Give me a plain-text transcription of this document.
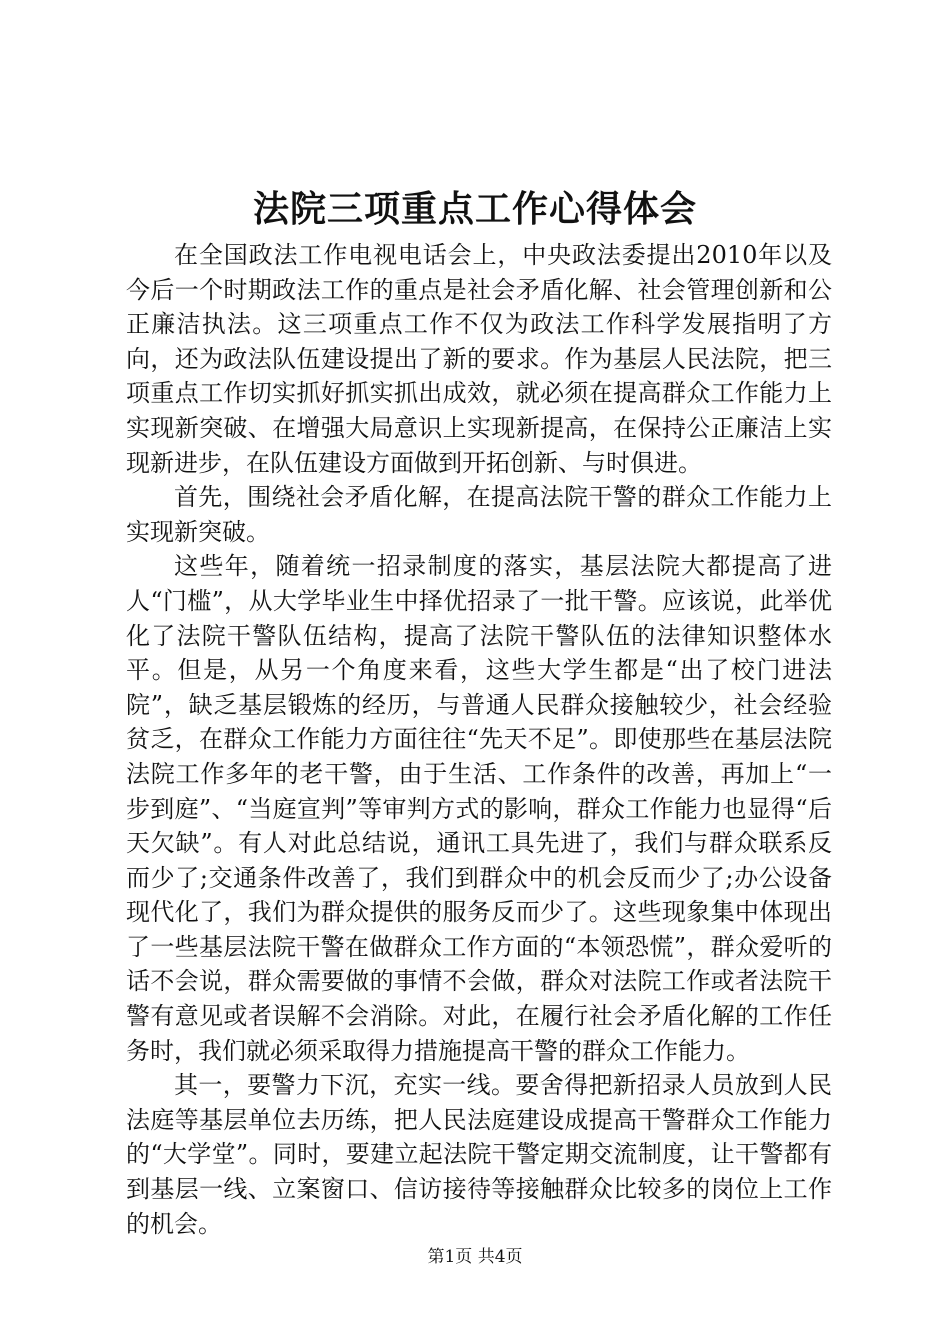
法院三项重点工作心得体会

在全国政法工作电视电话会上，中央政法委提出2010年以及今后一个时期政法工作的重点是社会矛盾化解、社会管理创新和公正廉洁执法。这三项重点工作不仅为政法工作科学发展指明了方向，还为政法队伍建设提出了新的要求。作为基层人民法院，把三项重点工作切实抓好抓实抓出成效，就必须在提高群众工作能力上实现新突破、在增强大局意识上实现新提高，在保持公正廉洁上实现新进步，在队伍建设方面做到开拓创新、与时俱进。

首先，围绕社会矛盾化解，在提高法院干警的群众工作能力上实现新突破。

这些年，随着统一招录制度的落实，基层法院大都提高了进人“门槛”，从大学毕业生中择优招录了一批干警。应该说，此举优化了法院干警队伍结构，提高了法院干警队伍的法律知识整体水平。但是，从另一个角度来看，这些大学生都是“出了校门进法院”，缺乏基层锻炼的经历，与普通人民群众接触较少，社会经验贫乏，在群众工作能力方面往往“先天不足”。即使那些在基层法院法院工作多年的老干警，由于生活、工作条件的改善，再加上“一步到庭”、“当庭宣判”等审判方式的影响，群众工作能力也显得“后天欠缺”。有人对此总结说，通讯工具先进了，我们与群众联系反而少了;交通条件改善了，我们到群众中的机会反而少了;办公设备现代化了，我们为群众提供的服务反而少了。这些现象集中体现出了一些基层法院干警在做群众工作方面的“本领恐慌”，群众爱听的话不会说，群众需要做的事情不会做，群众对法院工作或者法院干警有意见或者误解不会消除。对此，在履行社会矛盾化解的工作任务时，我们就必须采取得力措施提高干警的群众工作能力。

其一，要警力下沉，充实一线。要舍得把新招录人员放到人民法庭等基层单位去历练，把人民法庭建设成提高干警群众工作能力的“大学堂”。同时，要建立起法院干警定期交流制度，让干警都有到基层一线、立案窗口、信访接待等接触群众比较多的岗位上工作的机会。

第1页 共4页
